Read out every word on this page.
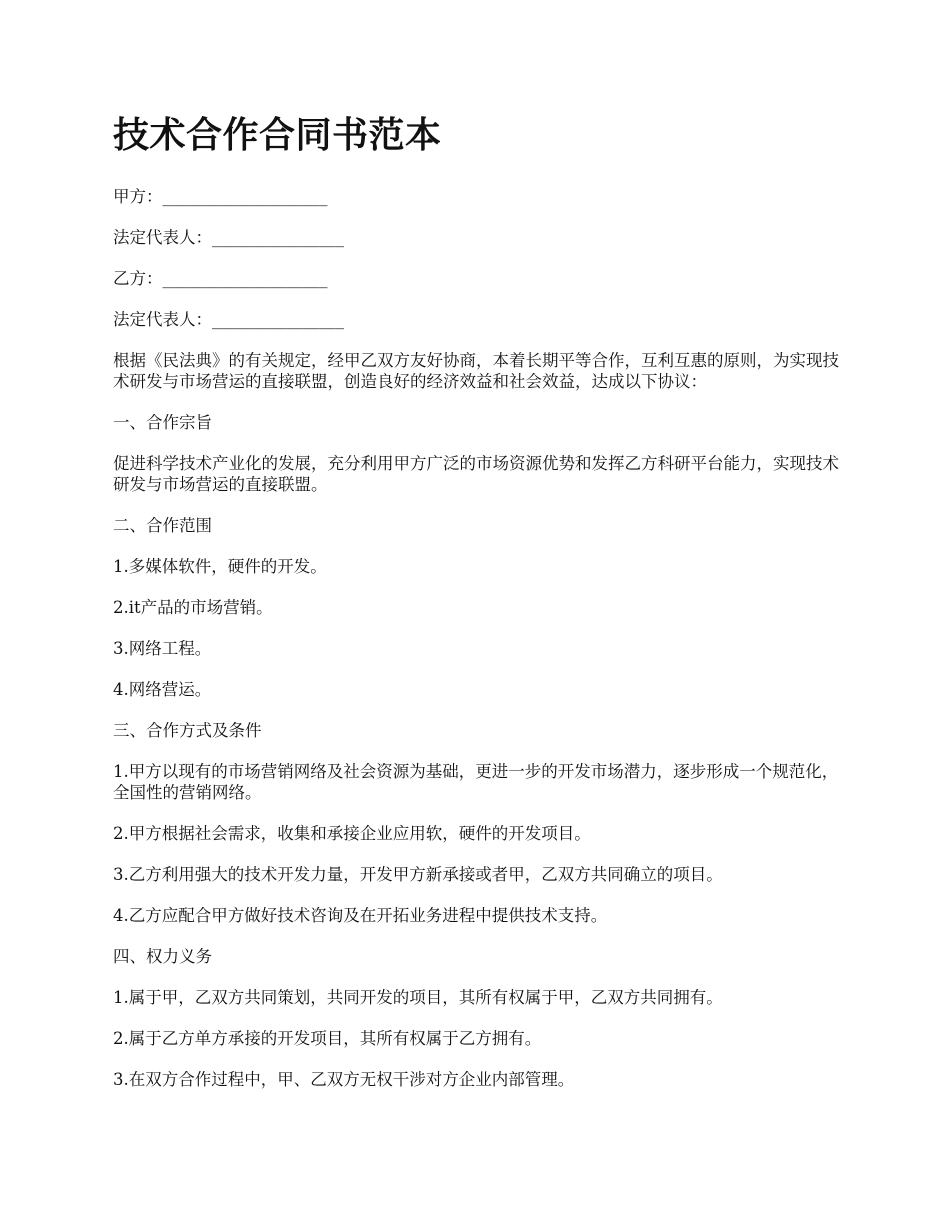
技术合作合同书范本

甲方：____________________

法定代表人：________________

乙方：____________________

法定代表人：________________

根据《民法典》的有关规定，经甲乙双方友好协商，本着长期平等合作，互利互惠的原则，为实现技术研发与市场营运的直接联盟，创造良好的经济效益和社会效益，达成以下协议：

一、合作宗旨

促进科学技术产业化的发展，充分利用甲方广泛的市场资源优势和发挥乙方科研平台能力，实现技术研发与市场营运的直接联盟。

二、合作范围

1.多媒体软件，硬件的开发。

2.it产品的市场营销。

3.网络工程。

4.网络营运。

三、合作方式及条件

1.甲方以现有的市场营销网络及社会资源为基础，更进一步的开发市场潜力，逐步形成一个规范化，全国性的营销网络。

2.甲方根据社会需求，收集和承接企业应用软，硬件的开发项目。

3.乙方利用强大的技术开发力量，开发甲方新承接或者甲，乙双方共同确立的项目。

4.乙方应配合甲方做好技术咨询及在开拓业务进程中提供技术支持。

四、权力义务

1.属于甲，乙双方共同策划，共同开发的项目，其所有权属于甲，乙双方共同拥有。

2.属于乙方单方承接的开发项目，其所有权属于乙方拥有。

3.在双方合作过程中，甲、乙双方无权干涉对方企业内部管理。
